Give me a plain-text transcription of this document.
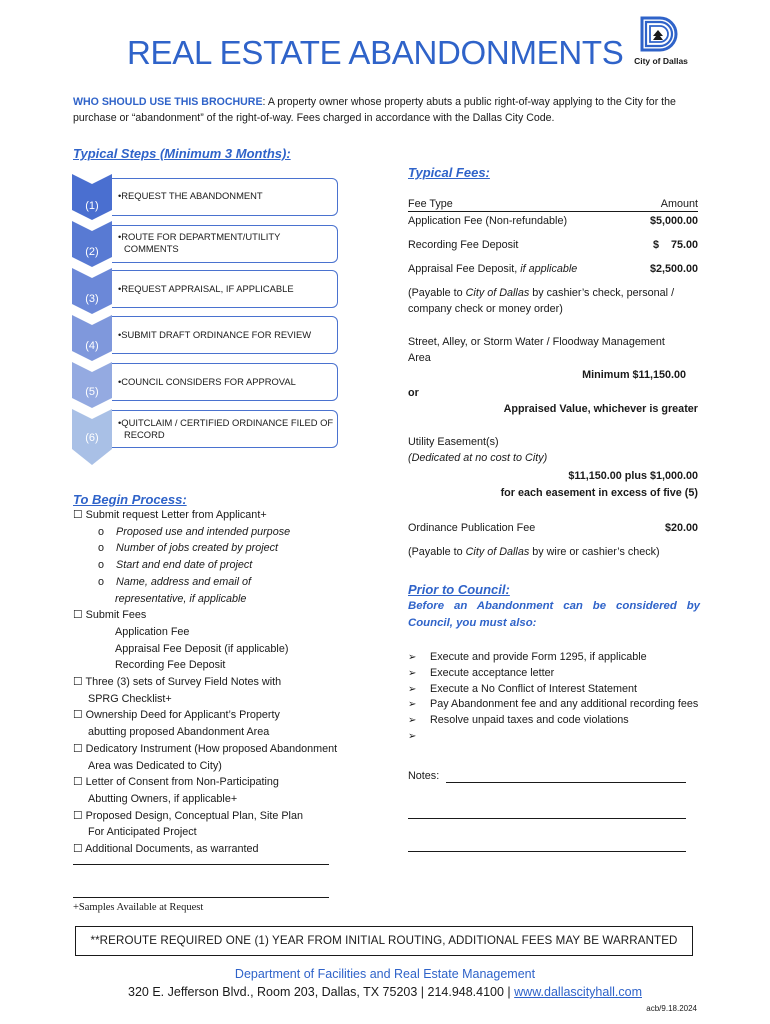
REAL ESTATE ABANDONMENTS	City of Dallas
WHO SHOULD USE THIS BROCHURE: A property owner whose property abuts a public right-of-way applying to the City for the purchase or “abandonment” of the right-of-way. Fees charged in accordance with the Dallas City Code.
Typical Steps (Minimum 3 Months):
(1)
•REQUEST THE ABANDONMENT
(2)
•ROUTE FOR DEPARTMENT/UTILITY
COMMENTS
(3)
•REQUEST APPRAISAL, IF APPLICABLE
(4)
•SUBMIT DRAFT ORDINANCE FOR REVIEW
(5)
•COUNCIL CONSIDERS FOR APPROVAL
(6)
•QUITCLAIM / CERTIFIED ORDINANCE FILED OF
RECORD
To Begin Process:
☐ Submit request Letter from Applicant+
o Proposed use and intended purpose
o Number of jobs created by project
o Start and end date of project
o Name, address and email of
representative, if applicable
☐ Submit Fees
Application Fee
Appraisal Fee Deposit (if applicable)
Recording Fee Deposit
☐ Three (3) sets of Survey Field Notes with
SPRG Checklist+
☐ Ownership Deed for Applicant’s Property
abutting proposed Abandonment Area
☐ Dedicatory Instrument (How proposed Abandonment
Area was Dedicated to City)
☐ Letter of Consent from Non-Participating
Abutting Owners, if applicable+
☐ Proposed Design, Conceptual Plan, Site Plan
For Anticipated Project
☐ Additional Documents, as warranted
+Samples Available at Request
Typical Fees:
Fee Type	Amount
Application Fee (Non-refundable)	$5,000.00
Recording Fee Deposit	$    75.00
Appraisal Fee Deposit, if applicable	$2,500.00
(Payable to City of Dallas by cashier’s check, personal /
company check or money order)
Street, Alley, or Storm Water / Floodway Management
Area
Minimum $11,150.00
or
Appraised Value, whichever is greater
Utility Easement(s)
(Dedicated at no cost to City)
$11,150.00 plus $1,000.00
for each easement in excess of five (5)
Ordinance Publication Fee	$20.00
(Payable to City of Dallas by wire or cashier’s check)
Prior to Council:
Before an Abandonment can be considered by Council, you must also:
➢ Execute and provide Form 1295, if applicable
➢ Execute acceptance letter
➢ Execute a No Conflict of Interest Statement
➢ Pay Abandonment fee and any additional recording fees
➢ Resolve unpaid taxes and code violations
➢
Notes:
**REROUTE REQUIRED ONE (1) YEAR FROM INITIAL ROUTING, ADDITIONAL FEES MAY BE WARRANTED
Department of Facilities and Real Estate Management
320 E. Jefferson Blvd., Room 203, Dallas, TX 75203 | 214.948.4100 | www.dallascityhall.com
acb/9.18.2024
